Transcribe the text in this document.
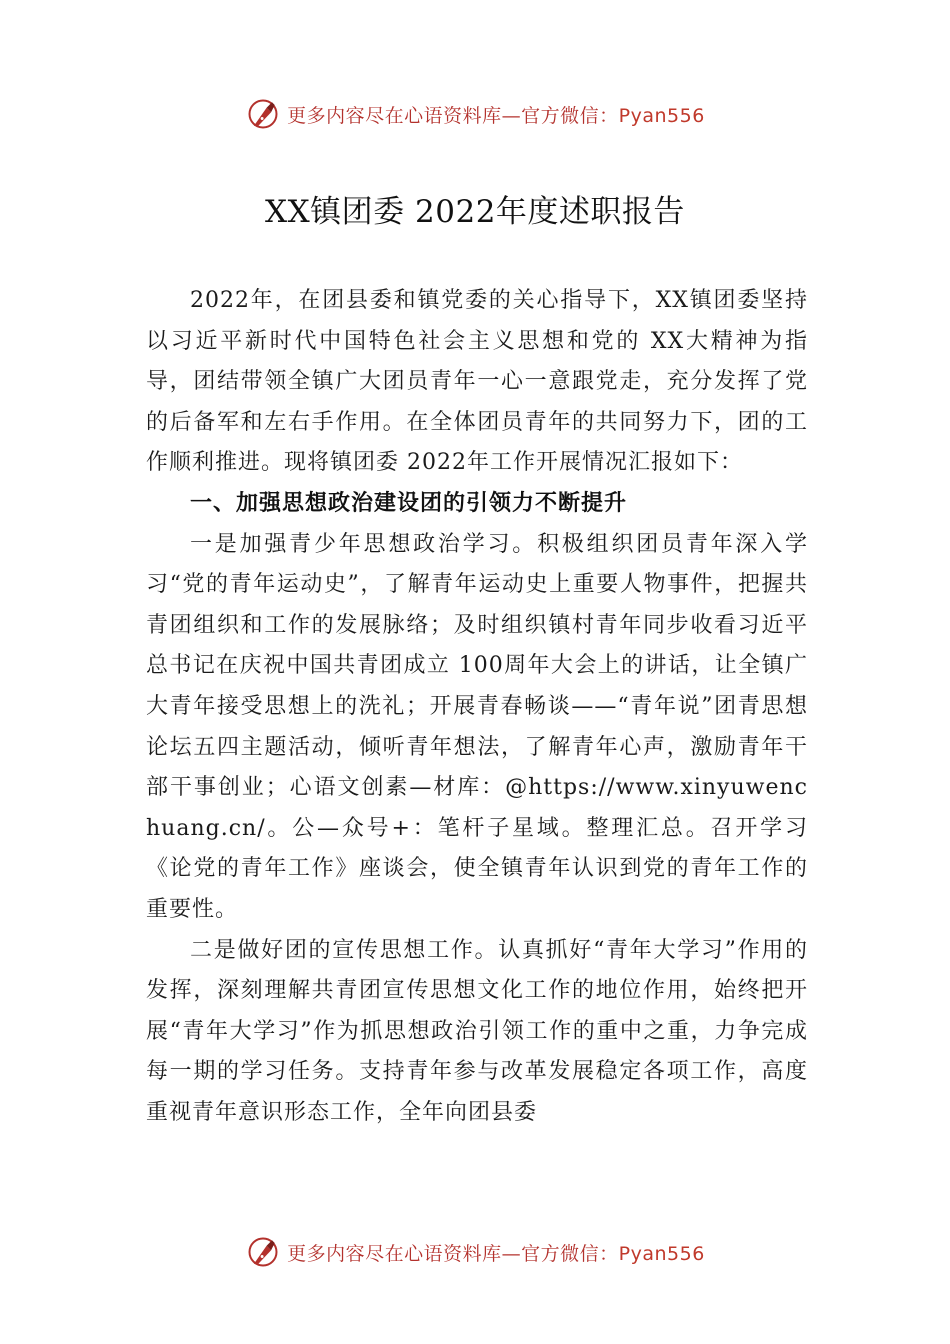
更多内容尽在心语资料库—官方微信：Pyan556
XX镇团委 2022年度述职报告

2022年，在团县委和镇党委的关心指导下，XX镇团委坚持以习近平新时代中国特色社会主义思想和党的 XX大精神为指导，团结带领全镇广大团员青年一心一意跟党走，充分发挥了党的后备军和左右手作用。在全体团员青年的共同努力下，团的工作顺利推进。现将镇团委 2022年工作开展情况汇报如下：

一、加强思想政治建设团的引领力不断提升

一是加强青少年思想政治学习。积极组织团员青年深入学习“党的青年运动史”，了解青年运动史上重要人物事件，把握共青团组织和工作的发展脉络；及时组织镇村青年同步收看习近平总书记在庆祝中国共青团成立 100周年大会上的讲话，让全镇广大青年接受思想上的洗礼；开展青春畅谈——“青年说”团青思想论坛五四主题活动，倾听青年想法，了解青年心声，激励青年干部干事创业；心语文创素—材库：@https://www.xinyuwenchuang.cn/。公—众号+：笔杆子星域。整理汇总。召开学习《论党的青年工作》座谈会，使全镇青年认识到党的青年工作的重要性。

二是做好团的宣传思想工作。认真抓好“青年大学习”作用的发挥，深刻理解共青团宣传思想文化工作的地位作用，始终把开展“青年大学习”作为抓思想政治引领工作的重中之重，力争完成每一期的学习任务。支持青年参与改革发展稳定各项工作，高度重视青年意识形态工作，全年向团县委

更多内容尽在心语资料库—官方微信：Pyan556
